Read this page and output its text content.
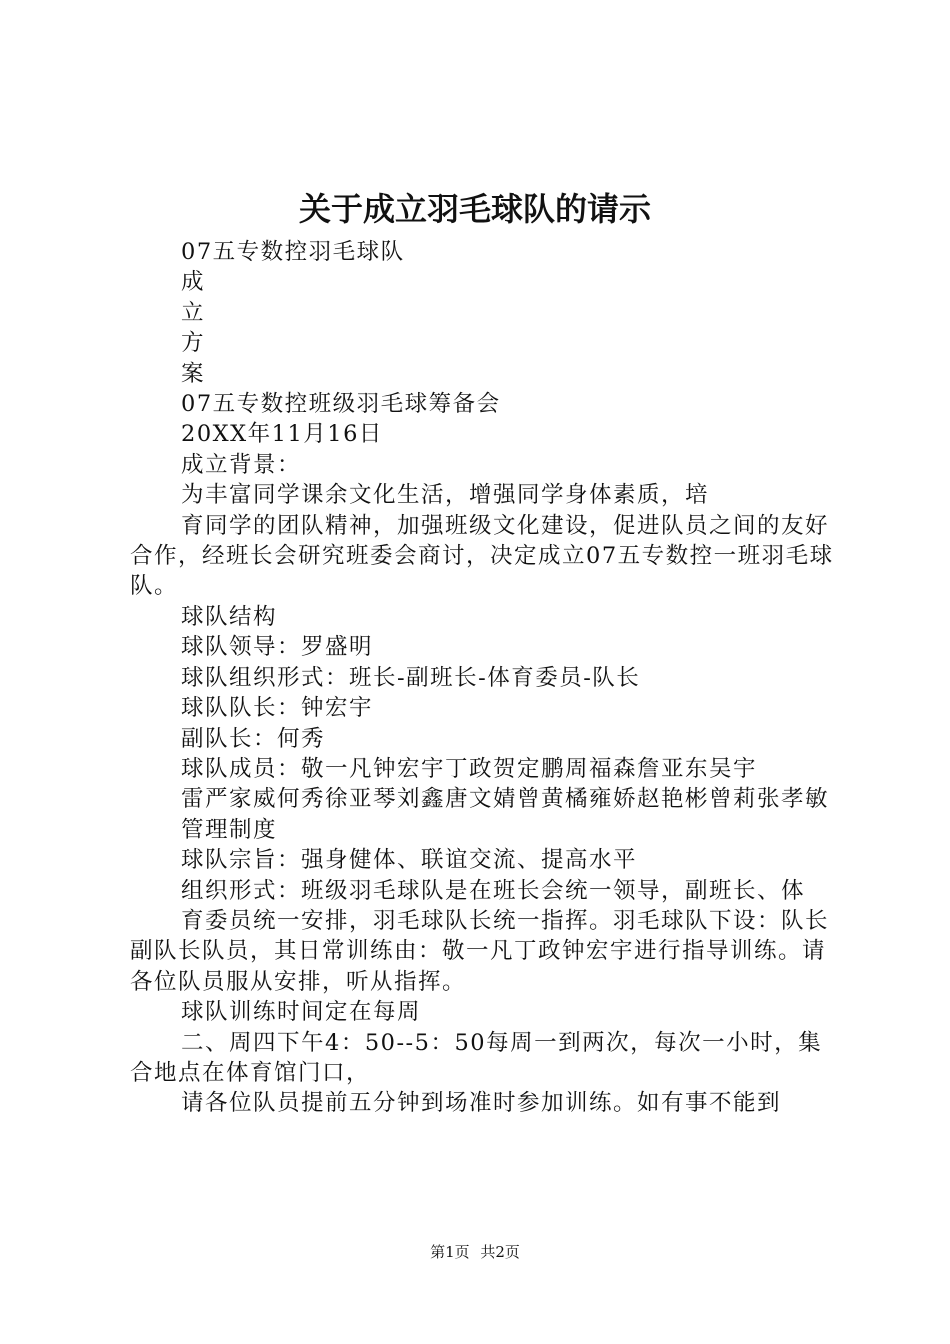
关于成立羽毛球队的请示

07五专数控羽毛球队

成

立

方

案

07五专数控班级羽毛球筹备会

20XX年11月16日

成立背景：

为丰富同学课余文化生活，增强同学身体素质，培

育同学的团队精神，加强班级文化建设，促进队员之间的友好合作，经班长会研究班委会商讨，决定成立07五专数控一班羽毛球队。

球队结构

球队领导：罗盛明

球队组织形式：班长-副班长-体育委员-队长

球队队长：钟宏宇

副队长：何秀

球队成员：敬一凡钟宏宇丁政贺定鹏周福森詹亚东吴宇

雷严家威何秀徐亚琴刘鑫唐文婧曾黄橘雍娇赵艳彬曾莉张孝敏

管理制度

球队宗旨：强身健体、联谊交流、提高水平

组织形式：班级羽毛球队是在班长会统一领导，副班长、体

育委员统一安排，羽毛球队长统一指挥。羽毛球队下设：队长副队长队员，其日常训练由：敬一凡丁政钟宏宇进行指导训练。请各位队员服从安排，听从指挥。

球队训练时间定在每周

二、周四下午4：50--5：50每周一到两次，每次一小时，集合地点在体育馆门口，

请各位队员提前五分钟到场准时参加训练。如有事不能到

第1页 共2页
